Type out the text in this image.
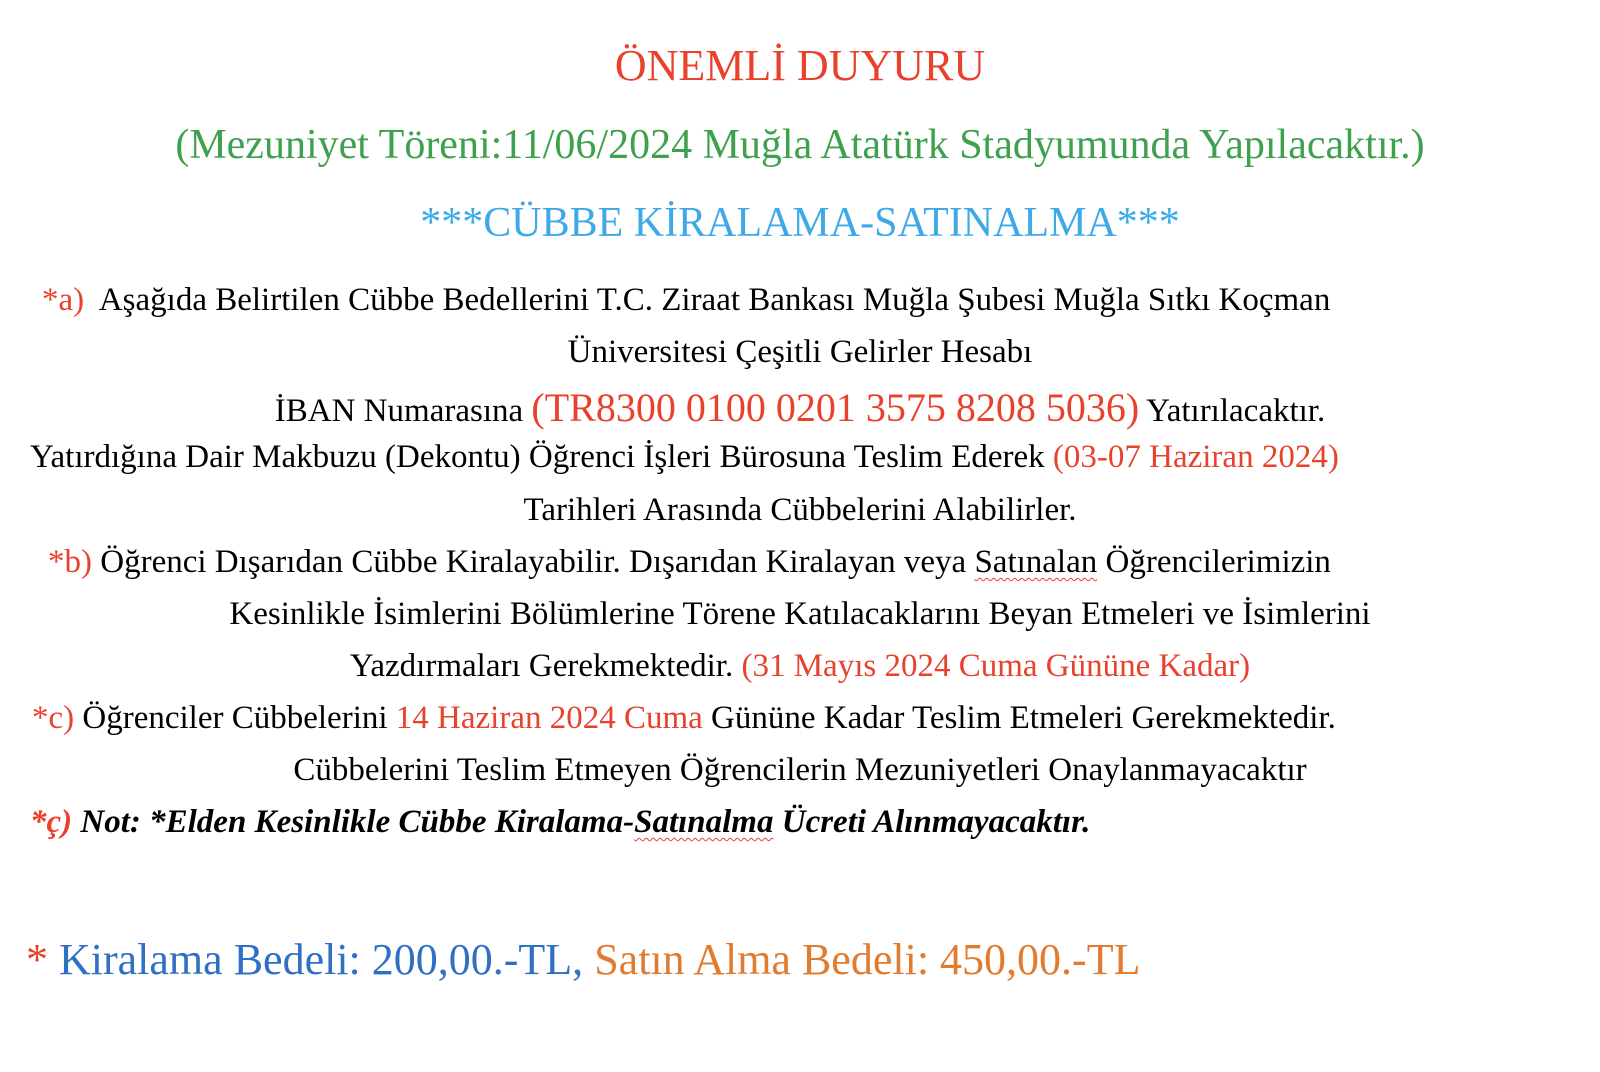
ÖNEMLİ DUYURU
(Mezuniyet Töreni:11/06/2024 Muğla Atatürk Stadyumunda Yapılacaktır.)
***CÜBBE KİRALAMA-SATINALMA***
*a) Aşağıda Belirtilen Cübbe Bedellerini T.C. Ziraat Bankası Muğla Şubesi Muğla Sıtkı Koçman
Üniversitesi Çeşitli Gelirler Hesabı
İBAN Numarasına (TR8300 0100 0201 3575 8208 5036) Yatırılacaktır.
Yatırdığına Dair Makbuzu (Dekontu) Öğrenci İşleri Bürosuna Teslim Ederek (03-07 Haziran 2024)
Tarihleri Arasında Cübbelerini Alabilirler.
*b) Öğrenci Dışarıdan Cübbe Kiralayabilir. Dışarıdan Kiralayan veya Satınalan Öğrencilerimizin
Kesinlikle İsimlerini Bölümlerine Törene Katılacaklarını Beyan Etmeleri ve İsimlerini
Yazdırmaları Gerekmektedir. (31 Mayıs 2024 Cuma Gününe Kadar)
*c) Öğrenciler Cübbelerini 14 Haziran 2024 Cuma Gününe Kadar Teslim Etmeleri Gerekmektedir.
Cübbelerini Teslim Etmeyen Öğrencilerin Mezuniyetleri Onaylanmayacaktır
*ç) Not: *Elden Kesinlikle Cübbe Kiralama-Satınalma Ücreti Alınmayacaktır.
* Kiralama Bedeli: 200,00.-TL, Satın Alma Bedeli: 450,00.-TL
